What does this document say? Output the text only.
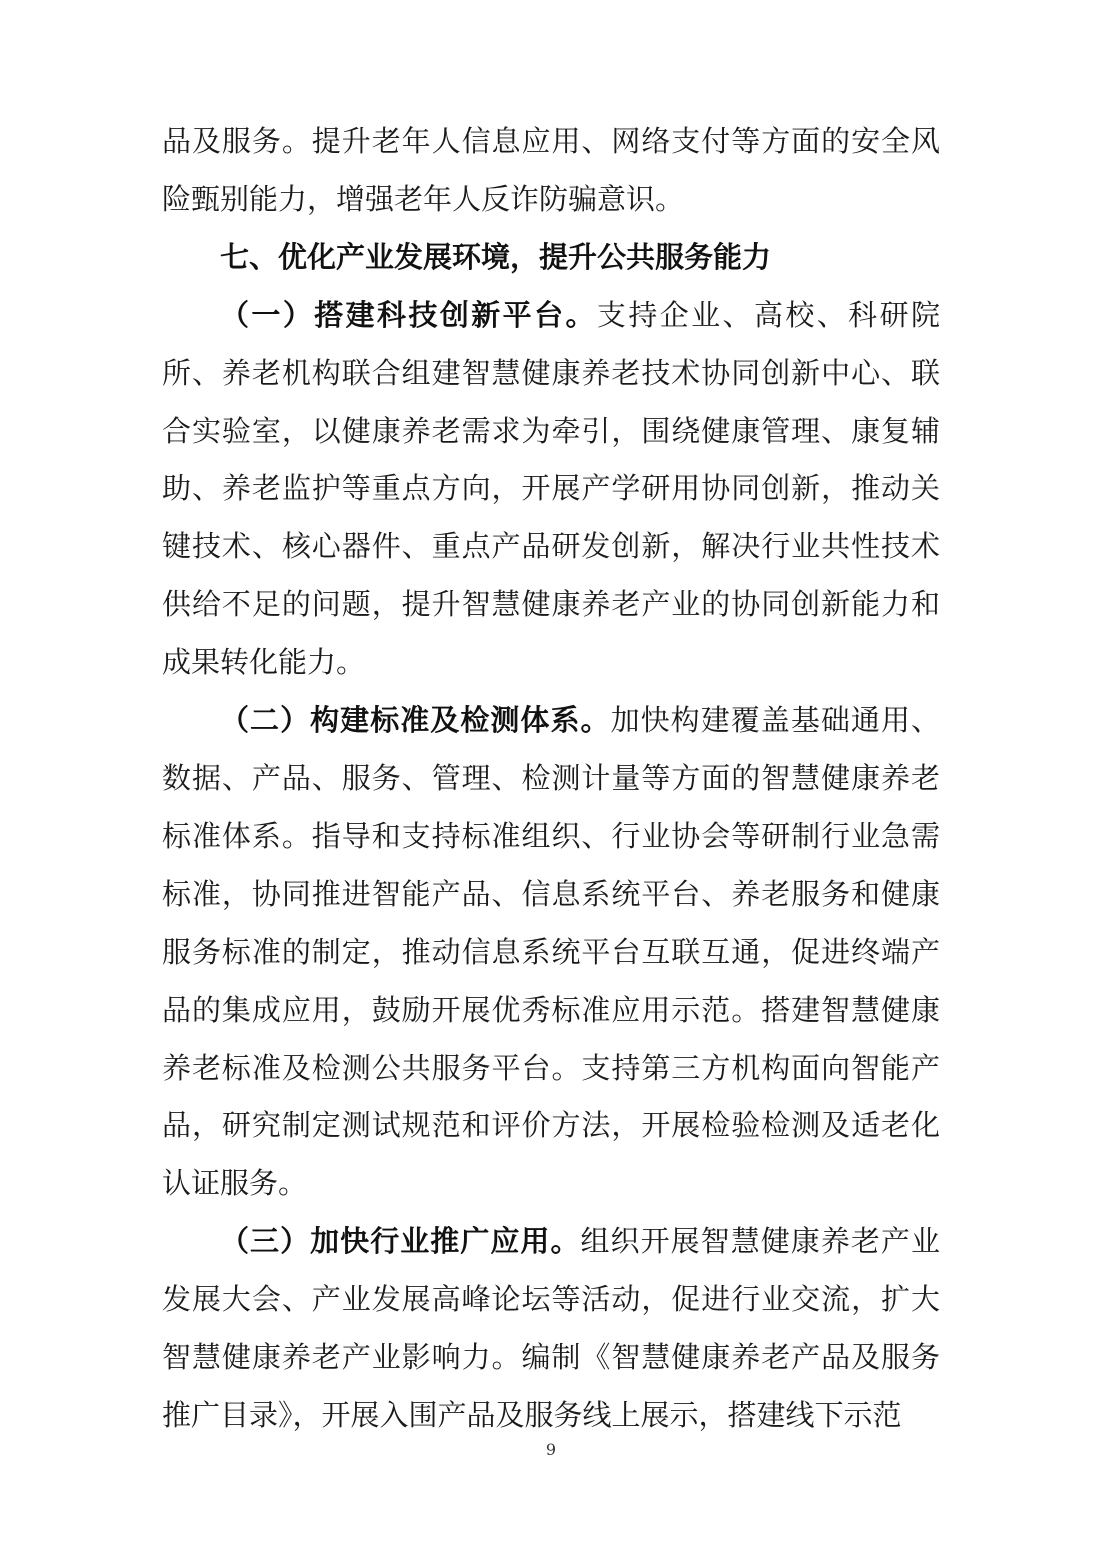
品及服务。提升老年人信息应用、网络支付等方面的安全风险甄别能力，增强老年人反诈防骗意识。

七、优化产业发展环境，提升公共服务能力

（一）搭建科技创新平台。支持企业、高校、科研院所、养老机构联合组建智慧健康养老技术协同创新中心、联合实验室，以健康养老需求为牵引，围绕健康管理、康复辅助、养老监护等重点方向，开展产学研用协同创新，推动关键技术、核心器件、重点产品研发创新，解决行业共性技术供给不足的问题，提升智慧健康养老产业的协同创新能力和成果转化能力。

（二）构建标准及检测体系。加快构建覆盖基础通用、数据、产品、服务、管理、检测计量等方面的智慧健康养老标准体系。指导和支持标准组织、行业协会等研制行业急需标准，协同推进智能产品、信息系统平台、养老服务和健康服务标准的制定，推动信息系统平台互联互通，促进终端产品的集成应用，鼓励开展优秀标准应用示范。搭建智慧健康养老标准及检测公共服务平台。支持第三方机构面向智能产品，研究制定测试规范和评价方法，开展检验检测及适老化认证服务。

（三）加快行业推广应用。组织开展智慧健康养老产业发展大会、产业发展高峰论坛等活动，促进行业交流，扩大智慧健康养老产业影响力。编制《智慧健康养老产品及服务推广目录》，开展入围产品及服务线上展示，搭建线下示范

9
